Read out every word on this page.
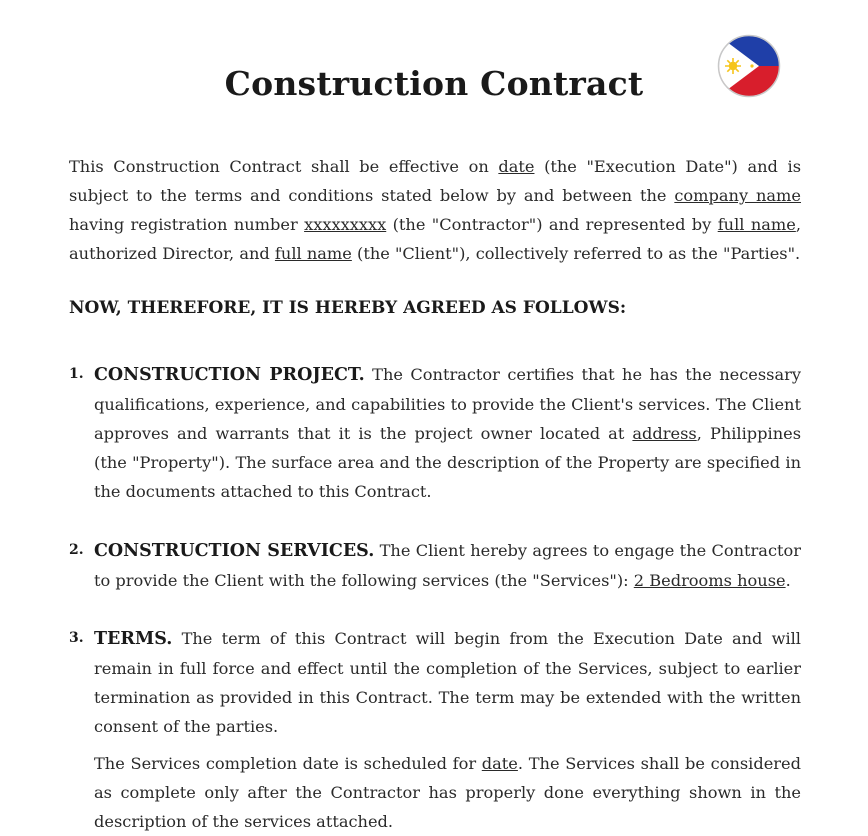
Construction Contract

This Construction Contract shall be effective on date (the "Execution Date") and is subject to the terms and conditions stated below by and between the company name having registration number xxxxxxxxx (the "Contractor") and represented by full name, authorized Director, and full name (the "Client"), collectively referred to as the "Parties".

NOW, THEREFORE, IT IS HEREBY AGREED AS FOLLOWS:

1. CONSTRUCTION PROJECT. The Contractor certifies that he has the necessary qualifications, experience, and capabilities to provide the Client's services. The Client approves and warrants that it is the project owner located at address, Philippines (the "Property"). The surface area and the description of the Property are specified in the documents attached to this Contract.

2. CONSTRUCTION SERVICES. The Client hereby agrees to engage the Contractor to provide the Client with the following services (the "Services"): 2 Bedrooms house.

3. TERMS. The term of this Contract will begin from the Execution Date and will remain in full force and effect until the completion of the Services, subject to earlier termination as provided in this Contract. The term may be extended with the written consent of the parties.

The Services completion date is scheduled for date. The Services shall be considered as complete only after the Contractor has properly done everything shown in the description of the services attached.
